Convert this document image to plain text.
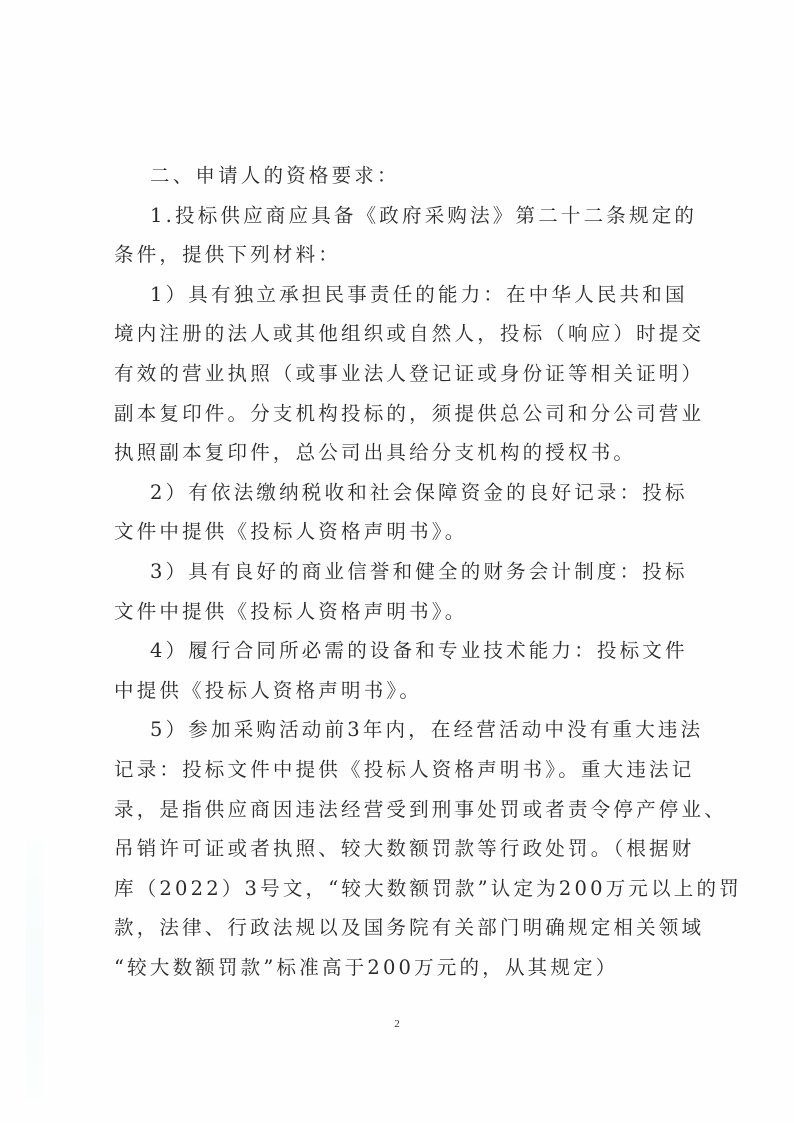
二、申请人的资格要求：
1.投标供应商应具备《政府采购法》第二十二条规定的
条件，提供下列材料：
1）具有独立承担民事责任的能力：在中华人民共和国
境内注册的法人或其他组织或自然人，投标（响应）时提交
有效的营业执照（或事业法人登记证或身份证等相关证明）
副本复印件。分支机构投标的，须提供总公司和分公司营业
执照副本复印件，总公司出具给分支机构的授权书。
2）有依法缴纳税收和社会保障资金的良好记录：投标
文件中提供《投标人资格声明书》。
3）具有良好的商业信誉和健全的财务会计制度：投标
文件中提供《投标人资格声明书》。
4）履行合同所必需的设备和专业技术能力：投标文件
中提供《投标人资格声明书》。
5）参加采购活动前3年内，在经营活动中没有重大违法
记录：投标文件中提供《投标人资格声明书》。重大违法记
录，是指供应商因违法经营受到刑事处罚或者责令停产停业、
吊销许可证或者执照、较大数额罚款等行政处罚。（根据财
库（2022）3号文，“较大数额罚款”认定为200万元以上的罚
款，法律、行政法规以及国务院有关部门明确规定相关领域
“较大数额罚款”标准高于200万元的，从其规定）
2
